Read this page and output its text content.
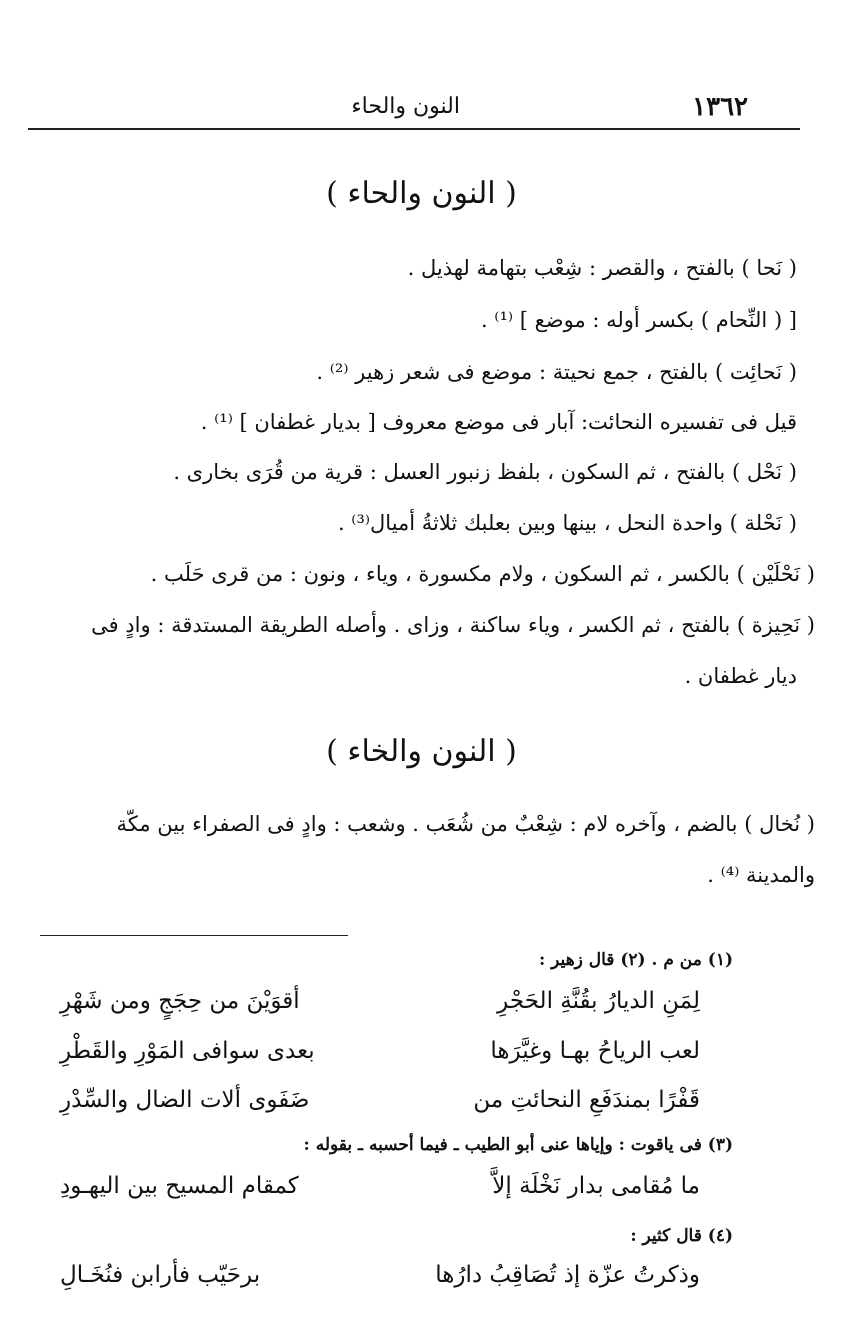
١٣٦٢
النون والحاء
( النون والحاء )
( نَحا ) بالفتح ، والقصر : شِعْب بتهامة لهذيل .
[ ( النِّحام ) بكسر أوله : موضع ] ⁽¹⁾ .
( نَحائِت ) بالفتح ، جمع نحيتة : موضع فى شعر زهير ⁽²⁾ .
قيل فى تفسيره النحائت: آبار فى موضع معروف [ بديار غطفان ] ⁽¹⁾ .
( نَحْل ) بالفتح ، ثم السكون ، بلفظ زنبور العسل : قرية من قُرَى بخارى .
( نَحْلة ) واحدة النحل ، بينها وبين بعلبك ثلاثةُ أميال⁽³⁾ .
( نَحْلَيْن ) بالكسر ، ثم السكون ، ولام مكسورة ، وياء ، ونون : من قرى حَلَب .
( نَحِيزة ) بالفتح ، ثم الكسر ، وياء ساكنة ، وزاى . وأصله الطريقة المستدقة : وادٍ فى
ديار غطفان .
( النون والخاء )
( نُخال ) بالضم ، وآخره لام : شِعْبٌ من شُعَب . وشعب : وادٍ فى الصفراء بين مكّة
والمدينة ⁽⁴⁾ .
(١) من م . (٢) قال زهير :
لِمَنِ الديارُ بقُنَّةِ الحَجْرِ
أقوَيْنَ من حِجَجٍ ومن شَهْرِ
لعب الرياحُ بهـا وغيَّرَها
بعدى سوافى المَوْرِ والقَطْرِ
قَفْرًا بمندَفَعِ النحائتِ من
ضَفَوى ألات الضال والسِّدْرِ
(٣) فى ياقوت : وإياها عنى أبو الطيب ـ فيما أحسبه ـ بقوله :
ما مُقامى بدار نَخْلَة إلاَّ
كمقام المسيح بين اليهـودِ
(٤) قال كثير :
وذكرتُ عزّة إذ تُصَاقِبُ دارُها
برحَيّب فأرابن فنُخَـالِ
